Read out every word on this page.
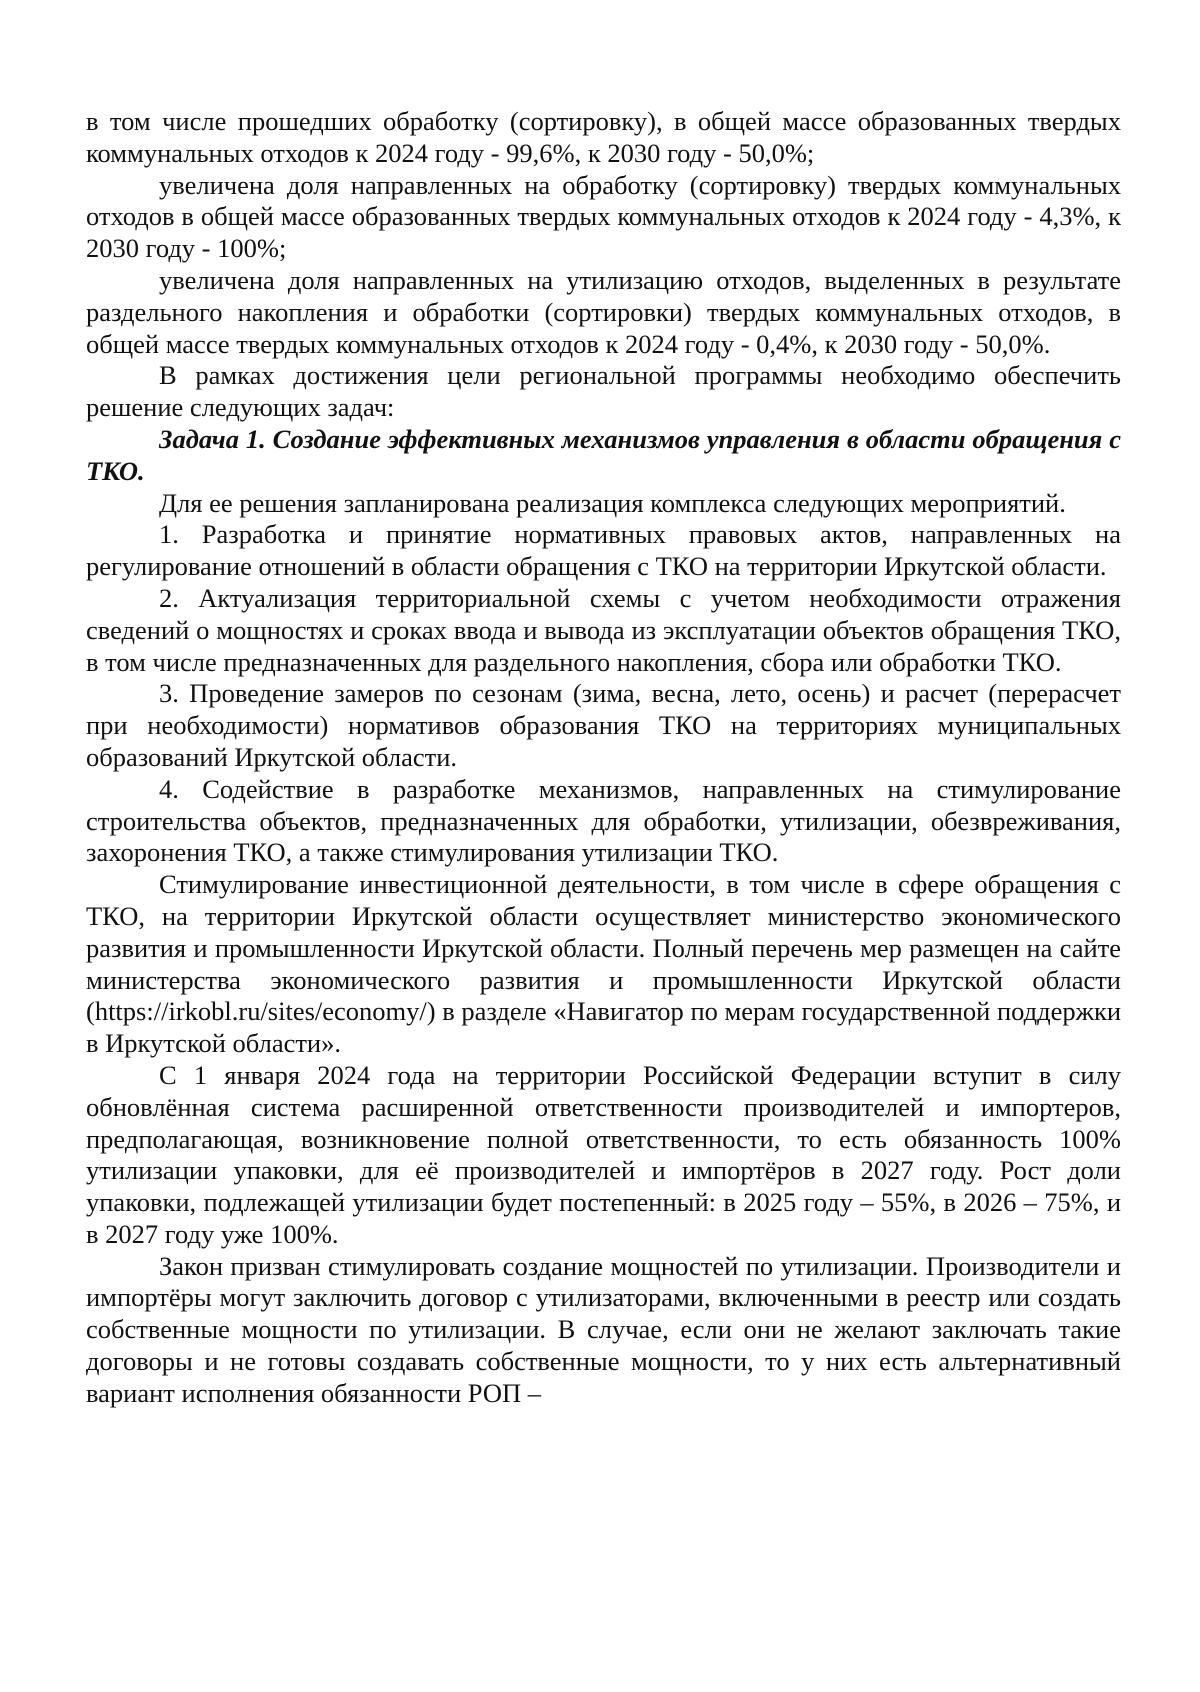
в том числе прошедших обработку (сортировку), в общей массе образованных твердых коммунальных отходов к 2024 году - 99,6%, к 2030 году - 50,0%;

увеличена доля направленных на обработку (сортировку) твердых коммунальных отходов в общей массе образованных твердых коммунальных отходов к 2024 году - 4,3%, к 2030 году - 100%;

увеличена доля направленных на утилизацию отходов, выделенных в результате раздельного накопления и обработки (сортировки) твердых коммунальных отходов, в общей массе твердых коммунальных отходов к 2024 году - 0,4%, к 2030 году - 50,0%.

В рамках достижения цели региональной программы необходимо обеспечить решение следующих задач:

Задача 1. Создание эффективных механизмов управления в области обращения с ТКО.

Для ее решения запланирована реализация комплекса следующих мероприятий.

1. Разработка и принятие нормативных правовых актов, направленных на регулирование отношений в области обращения с ТКО на территории Иркутской области.

2. Актуализация территориальной схемы с учетом необходимости отражения сведений о мощностях и сроках ввода и вывода из эксплуатации объектов обращения ТКО, в том числе предназначенных для раздельного накопления, сбора или обработки ТКО.

3. Проведение замеров по сезонам (зима, весна, лето, осень) и расчет (перерасчет при необходимости) нормативов образования ТКО на территориях муниципальных образований Иркутской области.

4. Содействие в разработке механизмов, направленных на стимулирование строительства объектов, предназначенных для обработки, утилизации, обезвреживания, захоронения ТКО, а также стимулирования утилизации ТКО.

Стимулирование инвестиционной деятельности, в том числе в сфере обращения с ТКО, на территории Иркутской области осуществляет министерство экономического развития и промышленности Иркутской области. Полный перечень мер размещен на сайте министерства экономического развития и промышленности Иркутской области (https://irkobl.ru/sites/economy/) в разделе «Навигатор по мерам государственной поддержки в Иркутской области».

С 1 января 2024 года на территории Российской Федерации вступит в силу обновлённая система расширенной ответственности производителей и импортеров, предполагающая, возникновение полной ответственности, то есть обязанность 100% утилизации упаковки, для её производителей и импортёров в 2027 году. Рост доли упаковки, подлежащей утилизации будет постепенный: в 2025 году – 55%, в 2026 – 75%, и в 2027 году уже 100%.

Закон призван стимулировать создание мощностей по утилизации. Производители и импортёры могут заключить договор с утилизаторами, включенными в реестр или создать собственные мощности по утилизации. В случае, если они не желают заключать такие договоры и не готовы создавать собственные мощности, то у них есть альтернативный вариант исполнения обязанности РОП –
